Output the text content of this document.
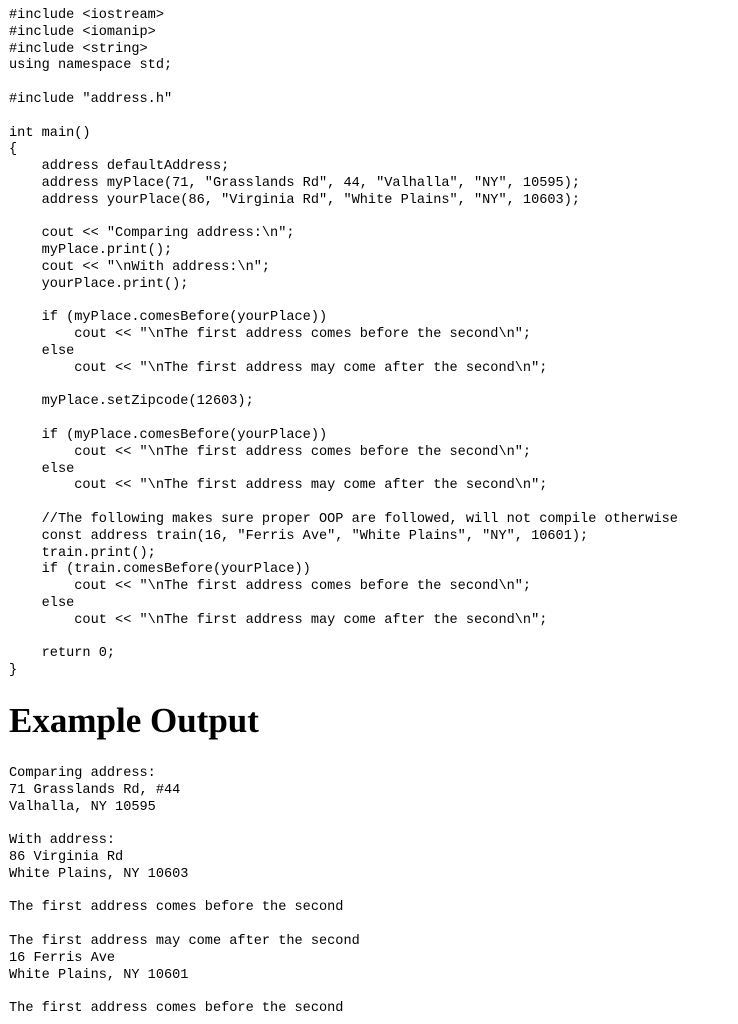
#include <iostream>
#include <iomanip>
#include <string>
using namespace std;
#include "address.h"
int main()
{
address defaultAddress;
address myPlace(71, "Grasslands Rd", 44, "Valhalla", "NY", 10595);
address yourPlace(86, "Virginia Rd", "White Plains", "NY", 10603);
cout << "Comparing address:\n";
myPlace.print();
cout << "\nWith address:\n";
yourPlace.print();
if (myPlace.comesBefore(yourPlace))
cout << "\nThe first address comes before the second\n";
else
cout << "\nThe first address may come after the second\n";
myPlace.setZipcode(12603);
if (myPlace.comesBefore(yourPlace))
cout << "\nThe first address comes before the second\n";
else
cout << "\nThe first address may come after the second\n";
//The following makes sure proper OOP are followed, will not compile otherwise
const address train(16, "Ferris Ave", "White Plains", "NY", 10601);
train.print();
if (train.comesBefore(yourPlace))
cout << "\nThe first address comes before the second\n";
else
cout << "\nThe first address may come after the second\n";
return 0;
}
Example Output
Comparing address:
71 Grasslands Rd, #44
Valhalla, NY 10595
With address:
86 Virginia Rd
White Plains, NY 10603
The first address comes before the second
The first address may come after the second
16 Ferris Ave
White Plains, NY 10601
The first address comes before the second
